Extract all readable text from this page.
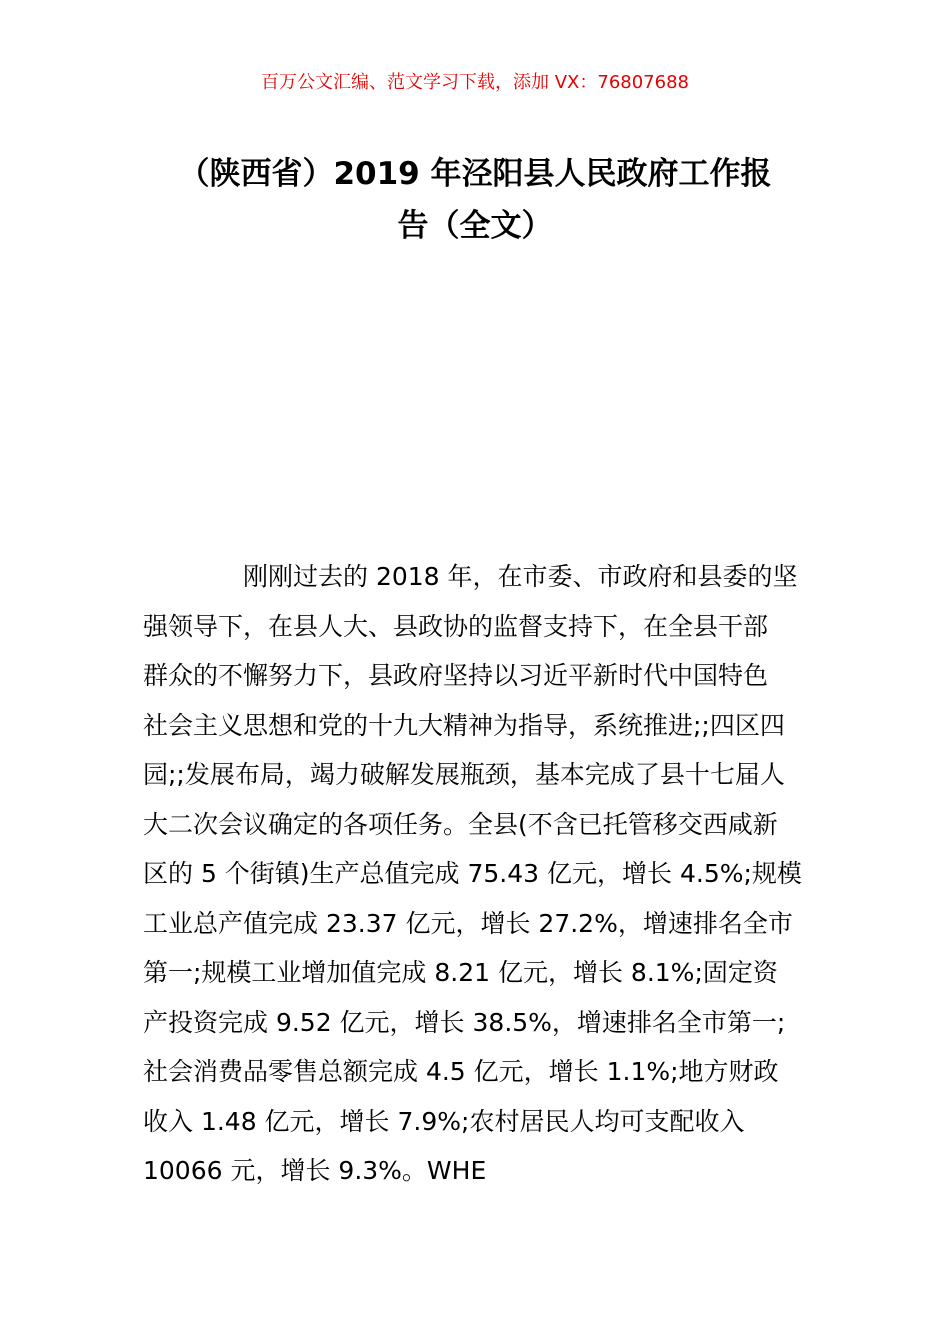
百万公文汇编、范文学习下载，添加 VX：76807688
（陕西省）2019 年泾阳县人民政府工作报
告（全文）
刚刚过去的 2018 年，在市委、市政府和县委的坚
强领导下，在县人大、县政协的监督支持下，在全县干部
群众的不懈努力下，县政府坚持以习近平新时代中国特色
社会主义思想和党的十九大精神为指导，系统推进;;四区四
园;;发展布局，竭力破解发展瓶颈，基本完成了县十七届人
大二次会议确定的各项任务。全县(不含已托管移交西咸新
区的 5 个街镇)生产总值完成 75.43 亿元，增长 4.5%;规模
工业总产值完成 23.37 亿元，增长 27.2%，增速排名全市
第一;规模工业增加值完成 8.21 亿元，增长 8.1%;固定资
产投资完成 9.52 亿元，增长 38.5%，增速排名全市第一;
社会消费品零售总额完成 4.5 亿元，增长 1.1%;地方财政
收入 1.48 亿元，增长 7.9%;农村居民人均可支配收入
10066 元，增长 9.3%。WHE
